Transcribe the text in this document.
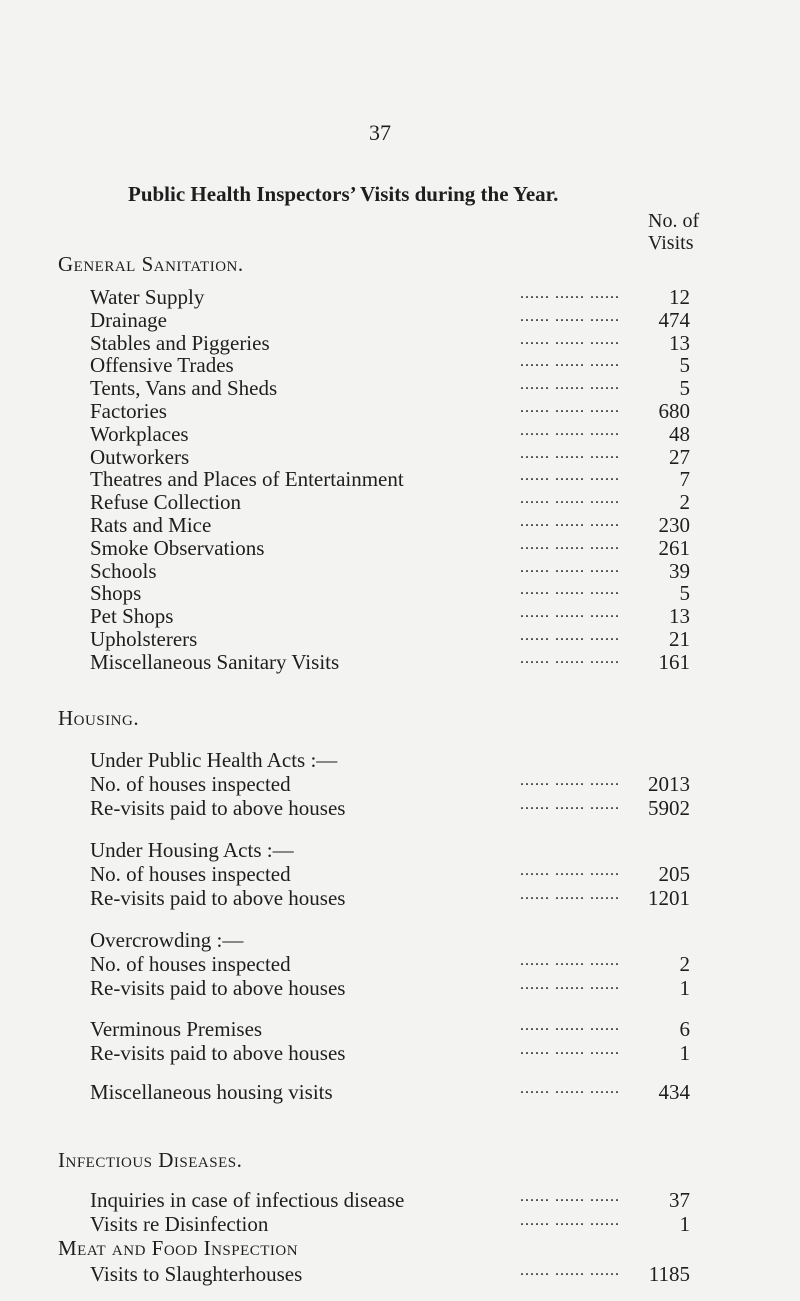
37
Public Health Inspectors’ Visits during the Year.
No. of
Visits
General Sanitation.
Water Supply	...... ...... ...... 12
Drainage	...... ...... ...... 474
Stables and Piggeries	...... ...... ...... 13
Offensive Trades	...... ...... ......	5
Tents, Vans and Sheds	...... ...... ......	5
Factories	...... ...... ...... 680
Workplaces	...... ...... ...... 48
Outworkers	...... ...... ...... 27
Theatres and Places of Entertainment	...... ...... ......	7
Refuse Collection	...... ...... ......	2
Rats and Mice	...... ...... ...... 230
Smoke Observations	...... ...... ...... 261
Schools	...... ...... ...... 39
Shops	...... ...... ......	5
Pet Shops	...... ...... ...... 13
Upholsterers	...... ...... ...... 21
Miscellaneous Sanitary Visits	...... ...... ...... 161
Housing.
Under Public Health Acts :—
Under Housing Acts :—
Overcrowding :—
No. of houses inspected	...... ...... ...... 2013
Re-visits paid to above houses	...... ...... ...... 5902
No. of houses inspected	...... ...... ...... 205
Re-visits paid to above houses	...... ...... ...... 1201
No. of houses inspected	...... ...... ......	2
Re-visits paid to above houses	...... ...... ......	1
Verminous Premises	...... ...... ......	6
Re-visits paid to above houses	...... ...... ......	1
Miscellaneous housing visits	...... ...... ...... 434
Infectious Diseases.
Inquiries in case of infectious disease	...... ...... ...... 37
Visits re Disinfection	...... ...... ......	1
Meat and Food Inspection
Visits to Slaughterhouses	...... ...... ...... 1185
